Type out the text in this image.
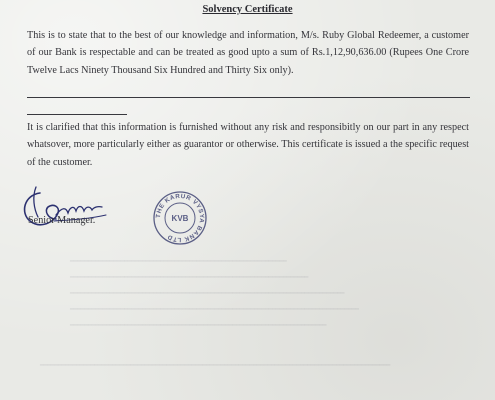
Solvency Certificate
This is to state that to the best of our knowledge and information, M/s. Ruby Global Redeemer, a customer of our Bank is respectable and can be treated as good upto a sum of Rs.1,12,90,636.00 (Rupees One Crore Twelve Lacs Ninety Thousand Six Hundred and Thirty Six only).
It is clarified that this information is furnished without any risk and responsibitly on our part in any respect whatsover, more particularly either as guarantor or otherwise. This certificate is issued a the specific request of the customer.
Senior Manager.	THE KARUR VYSYA BANK LTD
KVB
━━━━━━━━━━━━━━━━━━━━━━━━━━━━━━━━━━━━━━━━━━━━━━━━━━━━━━━━━━━━
━━━━━━━━━━━━━━━━━━━━━━━━━━━━━━━━━━━━━━━━━━━━━━━━━━━━━━━━━━━━━━━━━━
━━━━━━━━━━━━━━━━━━━━━━━━━━━━━━━━━━━━━━━━━━━━━━━━━━━━━━━━━━━━━━━━━━━━━━━━━━━━
━━━━━━━━━━━━━━━━━━━━━━━━━━━━━━━━━━━━━━━━━━━━━━━━━━━━━━━━━━━━━━━━━━━━━━━━━━━━━━━━
━━━━━━━━━━━━━━━━━━━━━━━━━━━━━━━━━━━━━━━━━━━━━━━━━━━━━━━━━━━━━━━━━━━━━━━
━━━━━━━━━━━━━━━━━━━━━━━━━━━━━━━━━━━━━━━━━━━━━━━━━━━━━━━━━━━━━━━━━━━━━━━━━━━━━━━━━━━━━━━━━━━━━━━━━
